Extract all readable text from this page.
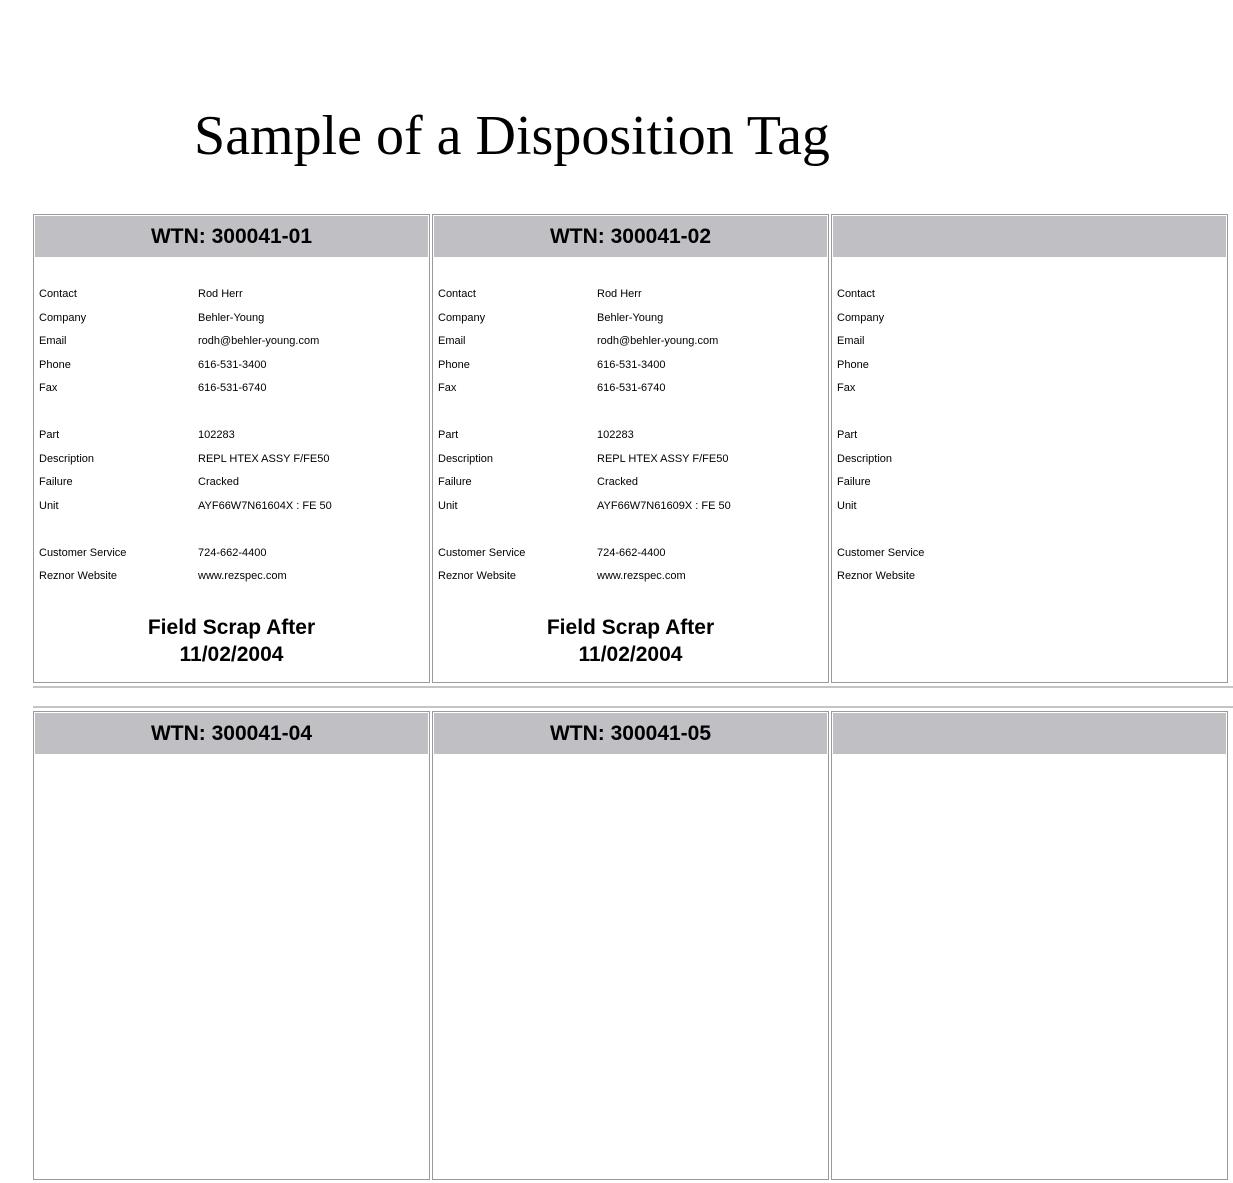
Sample of a Disposition Tag
WTN: 300041-01
Contact	Rod Herr
Company	Behler-Young
Email	rodh@behler-young.com
Phone	616-531-3400
Fax	616-531-6740
Part	102283
Description	REPL HTEX ASSY F/FE50
Failure	Cracked
Unit	AYF66W7N61604X : FE 50
Customer Service	724-662-4400
Reznor Website	www.rezspec.com
Field Scrap After
11/02/2004
WTN: 300041-02
Contact	Rod Herr
Company	Behler-Young
Email	rodh@behler-young.com
Phone	616-531-3400
Fax	616-531-6740
Part	102283
Description	REPL HTEX ASSY F/FE50
Failure	Cracked
Unit	AYF66W7N61609X : FE 50
Customer Service	724-662-4400
Reznor Website	www.rezspec.com
Field Scrap After
11/02/2004
Contact
Company
Email
Phone
Fax
Part
Description
Failure
Unit
Customer Service
Reznor Website
WTN: 300041-04	WTN: 300041-05
